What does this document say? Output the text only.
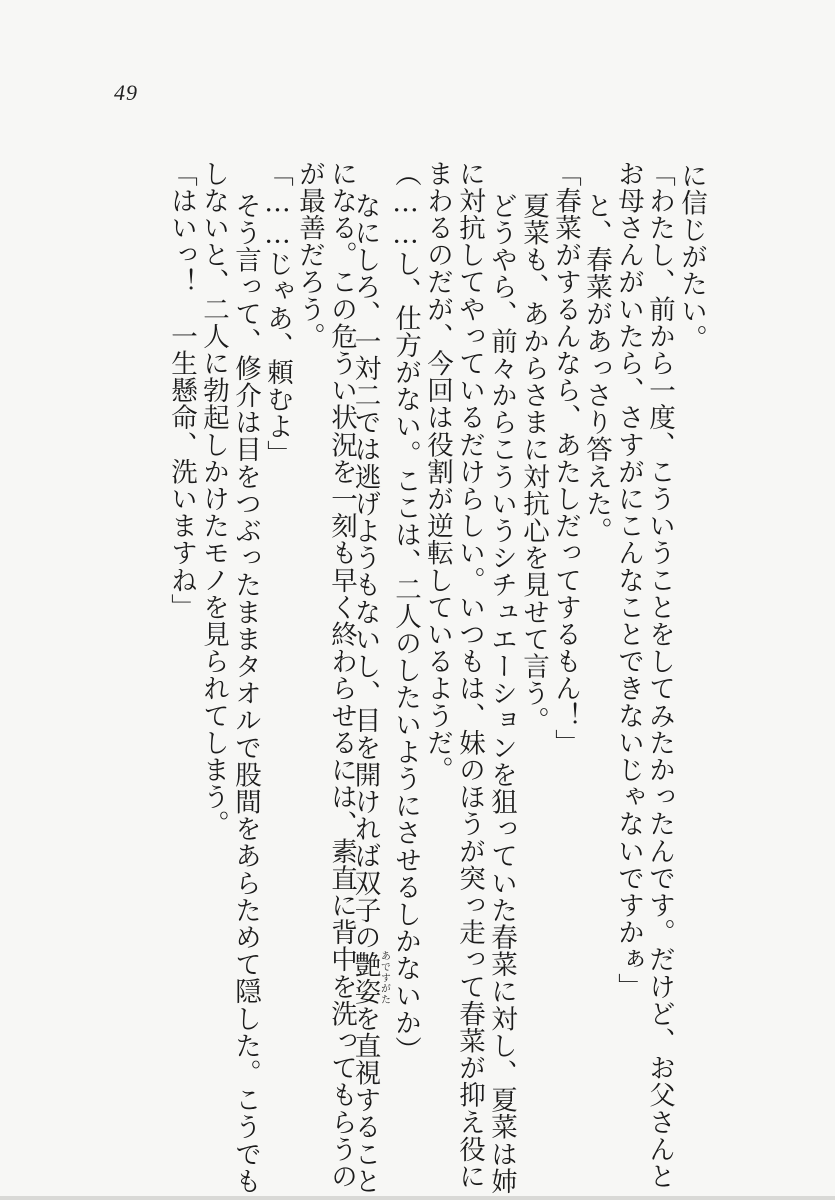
49
に信じがたい。
「わたし、前から一度、こういうことをしてみたかったんです。だけど、お父さんと
お母さんがいたら、さすがにこんなことできないじゃないですかぁ」
と、春菜があっさり答えた。
「春菜がするんなら、あたしだってするもん！」
夏菜も、あからさまに対抗心を見せて言う。
どうやら、前々からこういうシチュエーションを狙っていた春菜に対し、夏菜は姉
に対抗してやっているだけらしい。いつもは、妹のほうが突っ走って春菜が抑え役に
まわるのだが、今回は役割が逆転しているようだ。
（……し、仕方がない。ここは、二人のしたいようにさせるしかないか）
なにしろ、一対二では逃げようもないし、目を開ければ双子の艶姿あですがたを直視すること
になる。この危うい状況を一刻も早く終わらせるには、素直に背中を洗ってもらうの
が最善だろう。
「……じゃあ、頼むよ」
そう言って、修介は目をつぶったままタオルで股間をあらためて隠した。こうでも
しないと、二人に勃起しかけたモノを見られてしまう。
「はいっ！　一生懸命、洗いますね」
